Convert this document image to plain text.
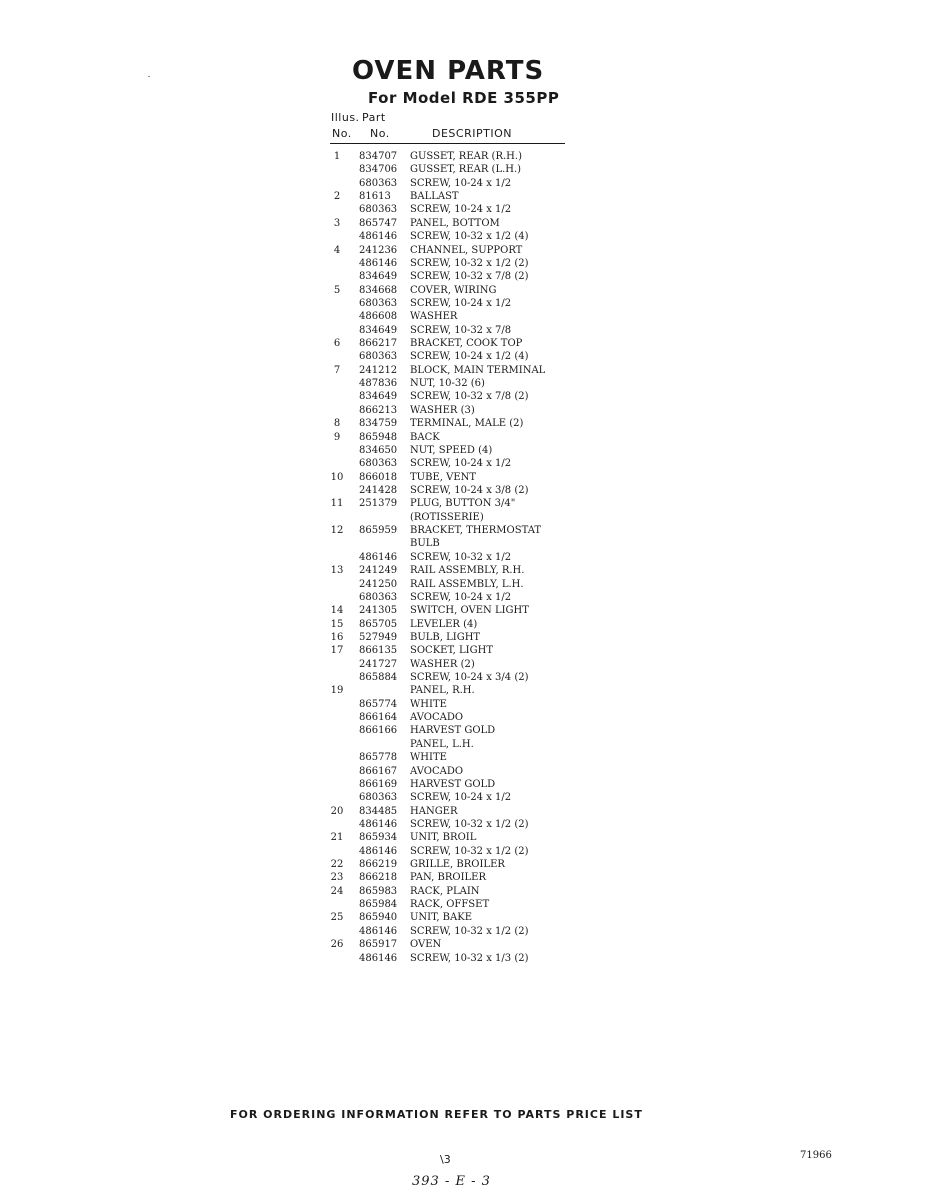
OVEN PARTS
For Model RDE 355PP
Illus. Part
No. No.	DESCRIPTION
1	834707 GUSSET, REAR (R.H.)
834706 GUSSET, REAR (L.H.)
680363 SCREW, 10-24 x 1/2
2	81613 BALLAST
680363 SCREW, 10-24 x 1/2
3	865747 PANEL, BOTTOM
486146 SCREW, 10-32 x 1/2 (4)
4	241236 CHANNEL, SUPPORT
486146 SCREW, 10-32 x 1/2 (2)
834649 SCREW, 10-32 x 7/8 (2)
5	834668 COVER, WIRING
680363 SCREW, 10-24 x 1/2
486608 WASHER
834649 SCREW, 10-32 x 7/8
6	866217 BRACKET, COOK TOP
680363 SCREW, 10-24 x 1/2 (4)
7	241212 BLOCK, MAIN TERMINAL
487836 NUT, 10-32 (6)
834649 SCREW, 10-32 x 7/8 (2)
866213 WASHER (3)
8	834759 TERMINAL, MALE (2)
9	865948 BACK
834650 NUT, SPEED (4)
680363 SCREW, 10-24 x 1/2
10	866018 TUBE, VENT
241428 SCREW, 10-24 x 3/8 (2)
11	251379 PLUG, BUTTON 3/4"
(ROTISSERIE)
12	865959 BRACKET, THERMOSTAT
BULB
486146 SCREW, 10-32 x 1/2
13	241249 RAIL ASSEMBLY, R.H.
241250 RAIL ASSEMBLY, L.H.
680363 SCREW, 10-24 x 1/2
14	241305 SWITCH, OVEN LIGHT
15	865705 LEVELER (4)
16	527949 BULB, LIGHT
17	866135 SOCKET, LIGHT
241727 WASHER (2)
865884 SCREW, 10-24 x 3/4 (2)
19	PANEL, R.H.
865774 WHITE
866164 AVOCADO
866166 HARVEST GOLD
PANEL, L.H.
865778 WHITE
866167 AVOCADO
866169 HARVEST GOLD
680363 SCREW, 10-24 x 1/2
20	834485 HANGER
486146 SCREW, 10-32 x 1/2 (2)
21	865934 UNIT, BROIL
486146 SCREW, 10-32 x 1/2 (2)
22	866219 GRILLE, BROILER
23	866218 PAN, BROILER
24	865983 RACK, PLAIN
865984 RACK, OFFSET
25	865940 UNIT, BAKE
486146 SCREW, 10-32 x 1/2 (2)
26	865917 OVEN
486146 SCREW, 10-32 x 1/3 (2)

FOR ORDERING INFORMATION REFER TO PARTS PRICE LIST

\3
393 - E - 3
71966
